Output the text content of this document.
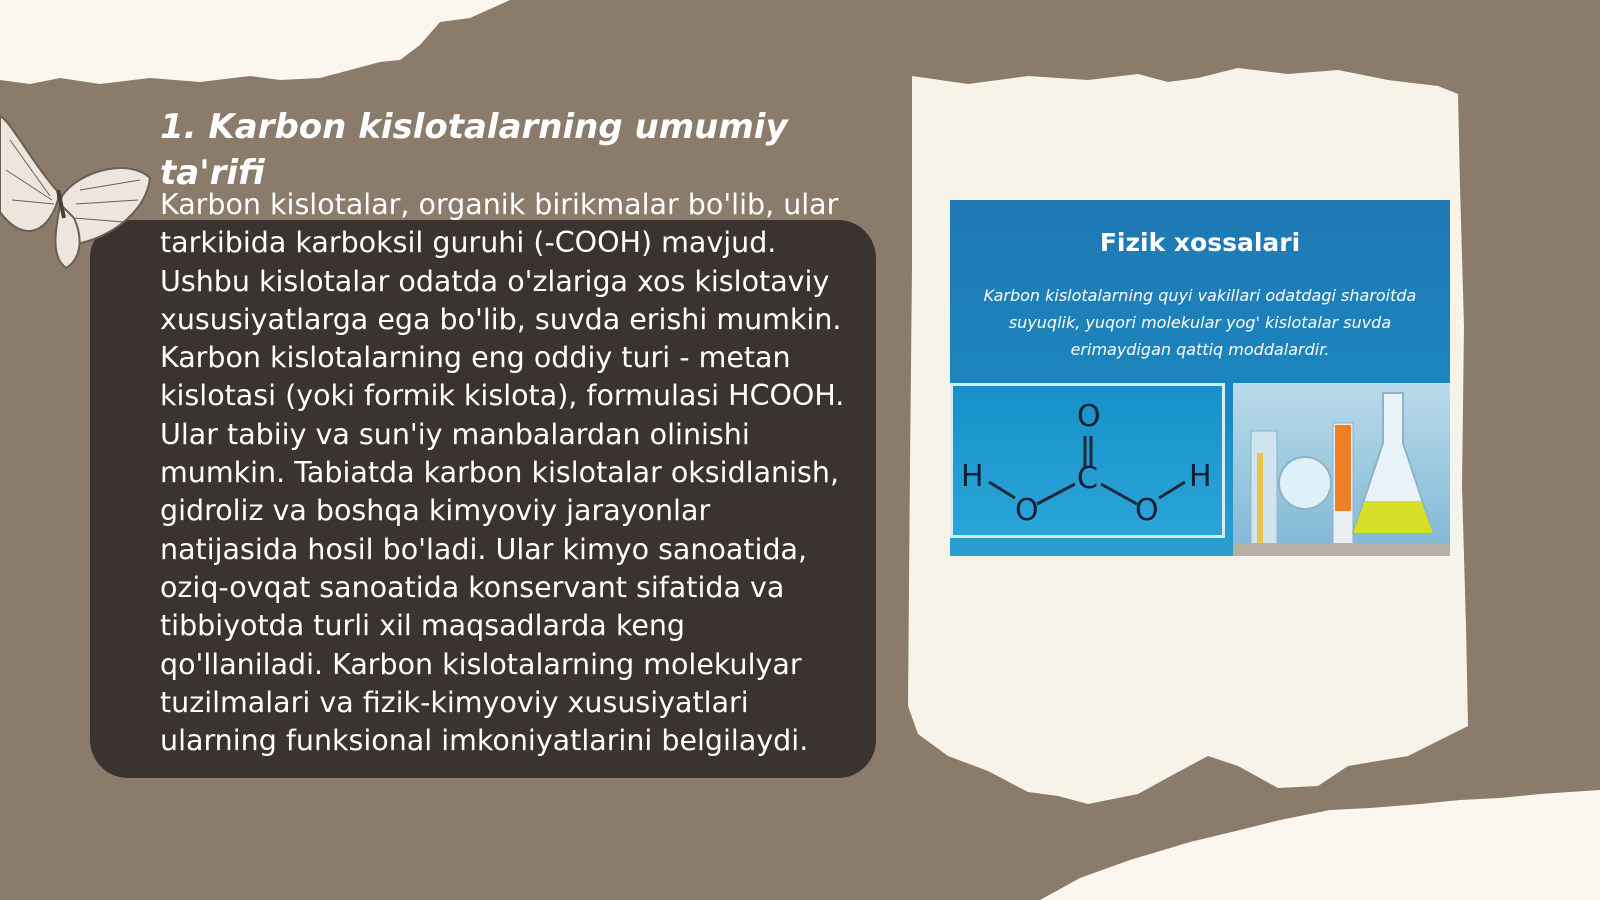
1. Karbon kislotalarning umumiy ta'rifi

Karbon kislotalar, organik birikmalar bo'lib, ular tarkibida karboksil guruhi (-COOH) mavjud. Ushbu kislotalar odatda o'zlariga xos kislotaviy xususiyatlarga ega bo'lib, suvda erishi mumkin. Karbon kislotalarning eng oddiy turi - metan kislotasi (yoki formik kislota), formulasi HCOOH. Ular tabiiy va sun'iy manbalardan olinishi mumkin. Tabiatda karbon kislotalar oksidlanish, gidroliz va boshqa kimyoviy jarayonlar natijasida hosil bo'ladi. Ular kimyo sanoatida, oziq-ovqat sanoatida konservant sifatida va tibbiyotda turli xil maqsadlarda keng qo'llaniladi. Karbon kislotalarning molekulyar tuzilmalari va fizik-kimyoviy xususiyatlari ularning funksional imkoniyatlarini belgilaydi.

Fizik xossalari
Karbon kislotalarning quyi vakillari odatdagi sharoitda suyuqlik, yuqori molekular yog' kislotalar suvda erimaydigan qattiq moddalardir.
O
C
O	O
H	H
